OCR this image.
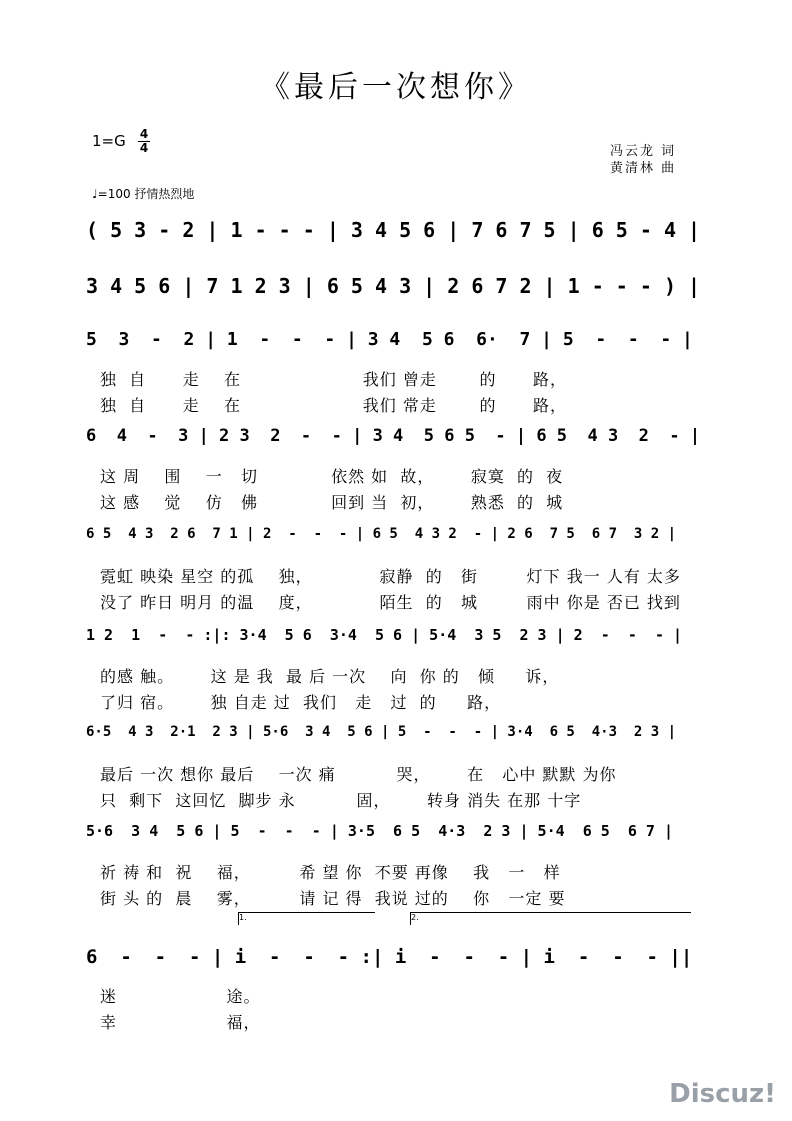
《最后一次想你》
1=G 4
4	冯云龙 词
黄清林 曲
♩=100 抒情热烈地
( 5 3 - 2 | 1 - - - | 3 4 5 6 | 7 6 7 5 | 6 5 - 4 |
3 4 5 6 | 7 1 2 3 | 6 5 4 3 | 2 6 7 2 | 1 - - - ) |
5  3  -  2 | 1  -  -  - | 3 4  5 6  6·  7 | 5  -  -  - |
独  自      走    在                    我们 曾走       的      路，
独  自      走    在                    我们 常走       的      路，
6  4  -  3 | 2 3  2  -  - | 3 4  5 6 5  - | 6 5  4 3  2  - |
这 周    围    一   切            依然 如  故，      寂寞  的  夜
这 感    觉    仿   佛            回到 当  初，      熟悉  的  城
6 5  4 3  2 6  7 1 | 2  -  -  - | 6 5  4 3 2  - | 2 6  7 5  6 7  3 2 |
霓虹 映染 星空 的孤    独，           寂静  的   街        灯下 我一 人有 太多
没了 昨日 明月 的温    度，           陌生  的   城        雨中 你是 否已 找到
1 2  1  -  - :|: 3·4  5 6  3·4  5 6 | 5·4  3 5  2 3 | 2  -  -  - |
的感 触。      这 是 我  最 后 一次    向  你 的   倾     诉，
了归 宿。      独 自走 过  我们   走   过  的     路，
6·5  4 3  2·1  2 3 | 5·6  3 4  5 6 | 5  -  -  - | 3·4  6 5  4·3  2 3 |
最后 一次 想你 最后    一次 痛          哭，      在   心中 默默 为你
只  剩下  这回忆  脚步 永          固，      转身 消失 在那 十字
5·6  3 4  5 6 | 5  -  -  - | 3·5  6 5  4·3  2 3 | 5·4  6 5  6 7 |
祈 祷 和  祝    福，        希 望 你  不要 再像    我   一   样
街 头 的  晨    雾，        请 记 得  我说 过的    你   一定 要
6  -  -  - | i  -  -  - :| i  -  -  - | i  -  -  - ||
迷                  途。
幸                  福，
1.	2.
Discuz!
